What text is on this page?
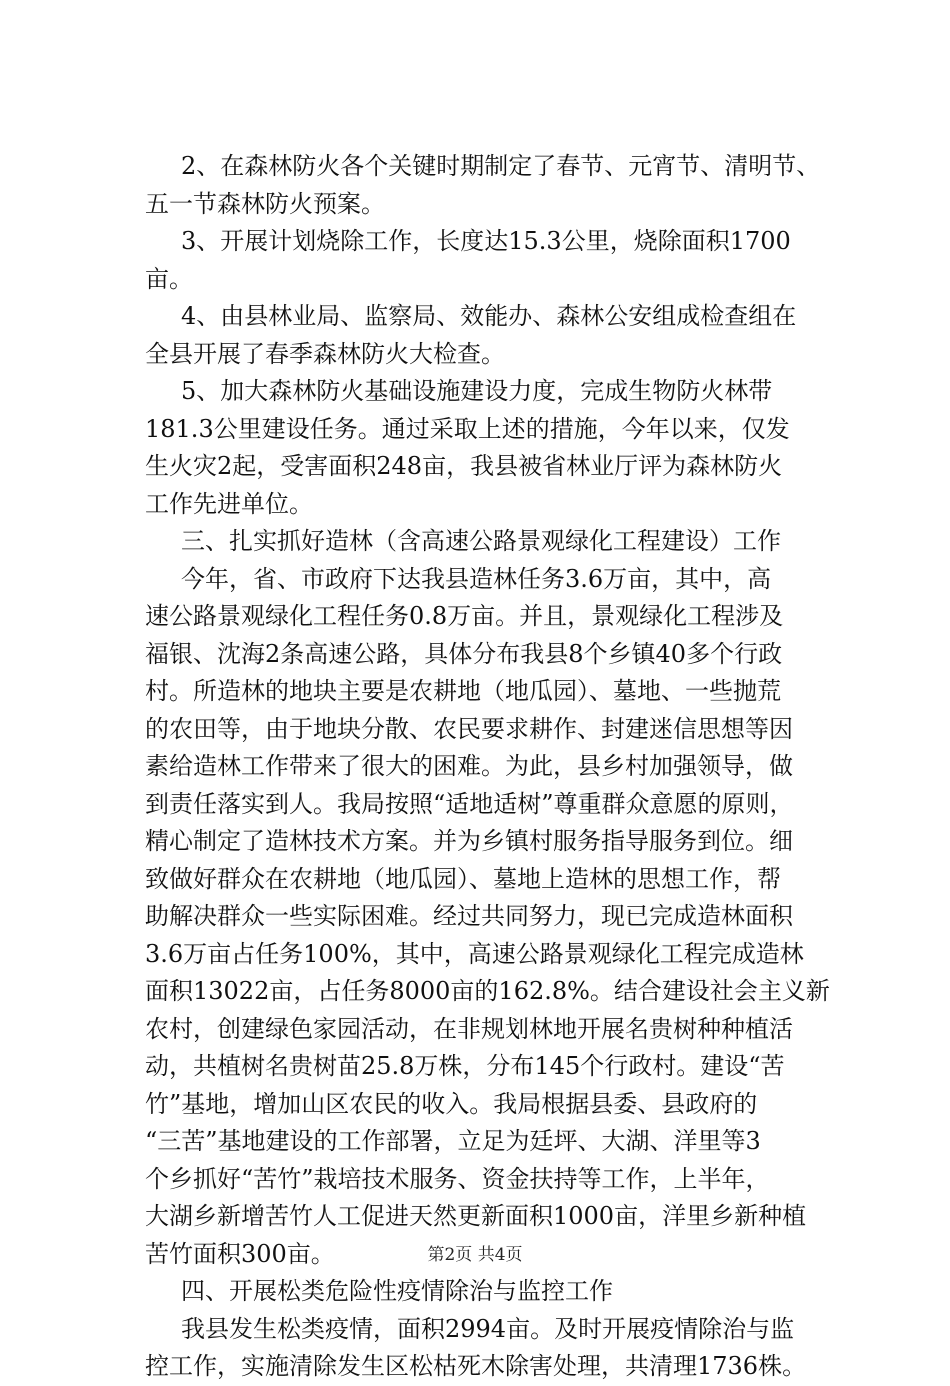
2、在森林防火各个关键时期制定了春节、元宵节、清明节、
五一节森林防火预案。
3、开展计划烧除工作，长度达15.3公里，烧除面积1700
亩。
4、由县林业局、监察局、效能办、森林公安组成检查组在
全县开展了春季森林防火大检查。
5、加大森林防火基础设施建设力度，完成生物防火林带
181.3公里建设任务。通过采取上述的措施，今年以来，仅发
生火灾2起，受害面积248亩，我县被省林业厅评为森林防火
工作先进单位。
三、扎实抓好造林（含高速公路景观绿化工程建设）工作
今年，省、市政府下达我县造林任务3.6万亩，其中，高
速公路景观绿化工程任务0.8万亩。并且，景观绿化工程涉及
福银、沈海2条高速公路，具体分布我县8个乡镇40多个行政
村。所造林的地块主要是农耕地（地瓜园）、墓地、一些抛荒
的农田等，由于地块分散、农民要求耕作、封建迷信思想等因
素给造林工作带来了很大的困难。为此，县乡村加强领导，做
到责任落实到人。我局按照“适地适树”尊重群众意愿的原则，
精心制定了造林技术方案。并为乡镇村服务指导服务到位。细
致做好群众在农耕地（地瓜园）、墓地上造林的思想工作，帮
助解决群众一些实际困难。经过共同努力，现已完成造林面积
3.6万亩占任务100%，其中，高速公路景观绿化工程完成造林
面积13022亩，占任务8000亩的162.8%。结合建设社会主义新
农村，创建绿色家园活动，在非规划林地开展名贵树种种植活
动，共植树名贵树苗25.8万株，分布145个行政村。建设“苦
竹”基地，增加山区农民的收入。我局根据县委、县政府的
“三苦”基地建设的工作部署，立足为廷坪、大湖、洋里等3
个乡抓好“苦竹”栽培技术服务、资金扶持等工作，上半年，
大湖乡新增苦竹人工促进天然更新面积1000亩，洋里乡新种植
苦竹面积300亩。
四、开展松类危险性疫情除治与监控工作
我县发生松类疫情，面积2994亩。及时开展疫情除治与监
控工作，实施清除发生区松枯死木除害处理，共清理1736株。
第2页 共4页
